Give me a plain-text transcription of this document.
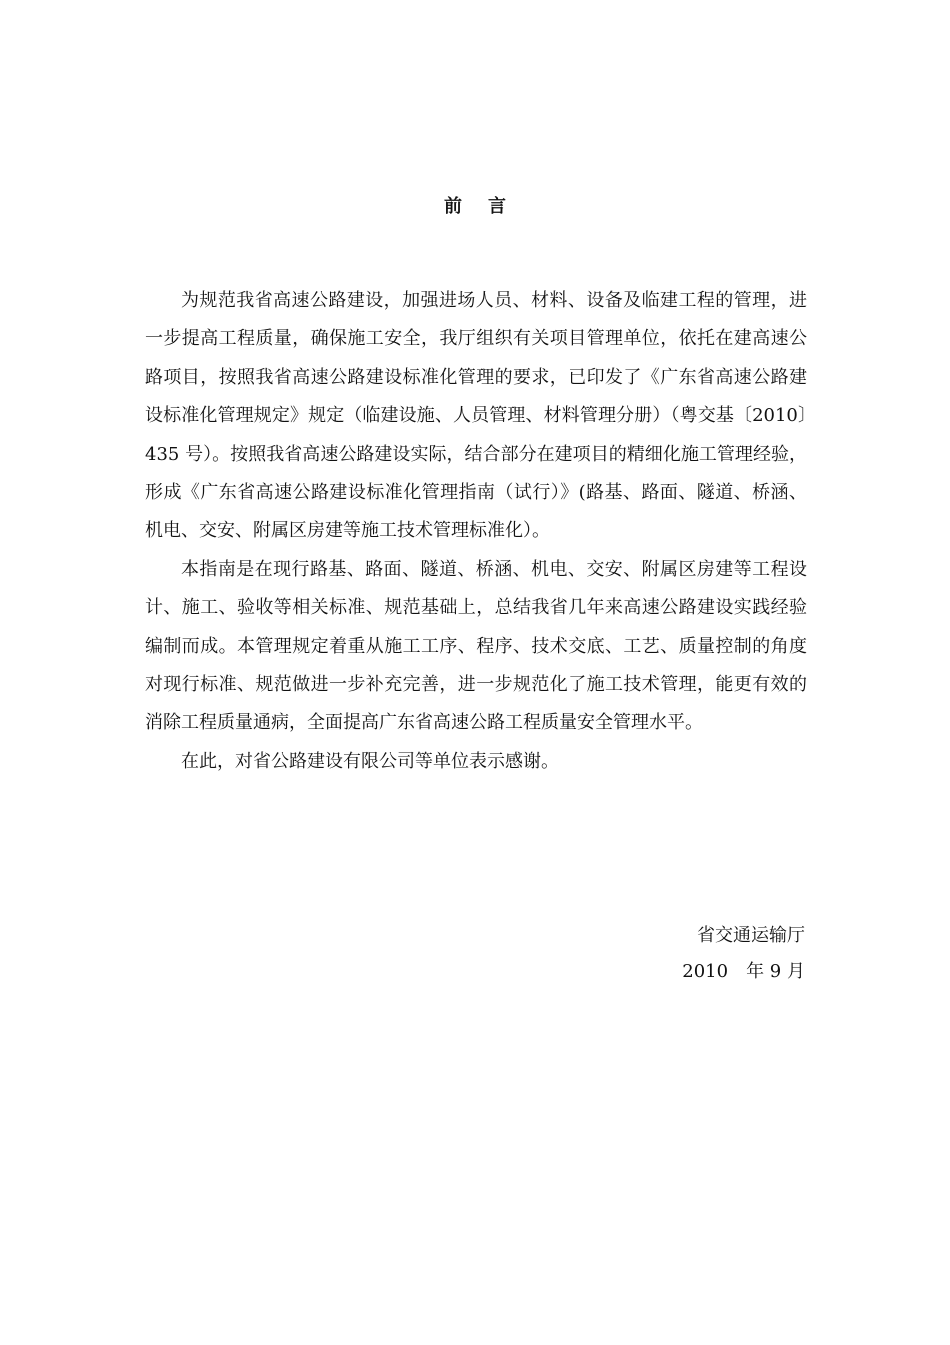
前 言

为规范我省高速公路建设，加强进场人员、材料、设备及临建工程的管理，进一步提高工程质量，确保施工安全，我厅组织有关项目管理单位，依托在建高速公路项目，按照我省高速公路建设标准化管理的要求，已印发了《广东省高速公路建设标准化管理规定》规定（临建设施、人员管理、材料管理分册）（粤交基〔2010〕435 号）。按照我省高速公路建设实际，结合部分在建项目的精细化施工管理经验，形成《广东省高速公路建设标准化管理指南（试行）》(路基、路面、隧道、桥涵、机电、交安、附属区房建等施工技术管理标准化）。

本指南是在现行路基、路面、隧道、桥涵、机电、交安、附属区房建等工程设计、施工、验收等相关标准、规范基础上，总结我省几年来高速公路建设实践经验编制而成。本管理规定着重从施工工序、程序、技术交底、工艺、质量控制的角度对现行标准、规范做进一步补充完善，进一步规范化了施工技术管理，能更有效的消除工程质量通病，全面提高广东省高速公路工程质量安全管理水平。

在此，对省公路建设有限公司等单位表示感谢。

省交通运输厅
2010　年 9 月
